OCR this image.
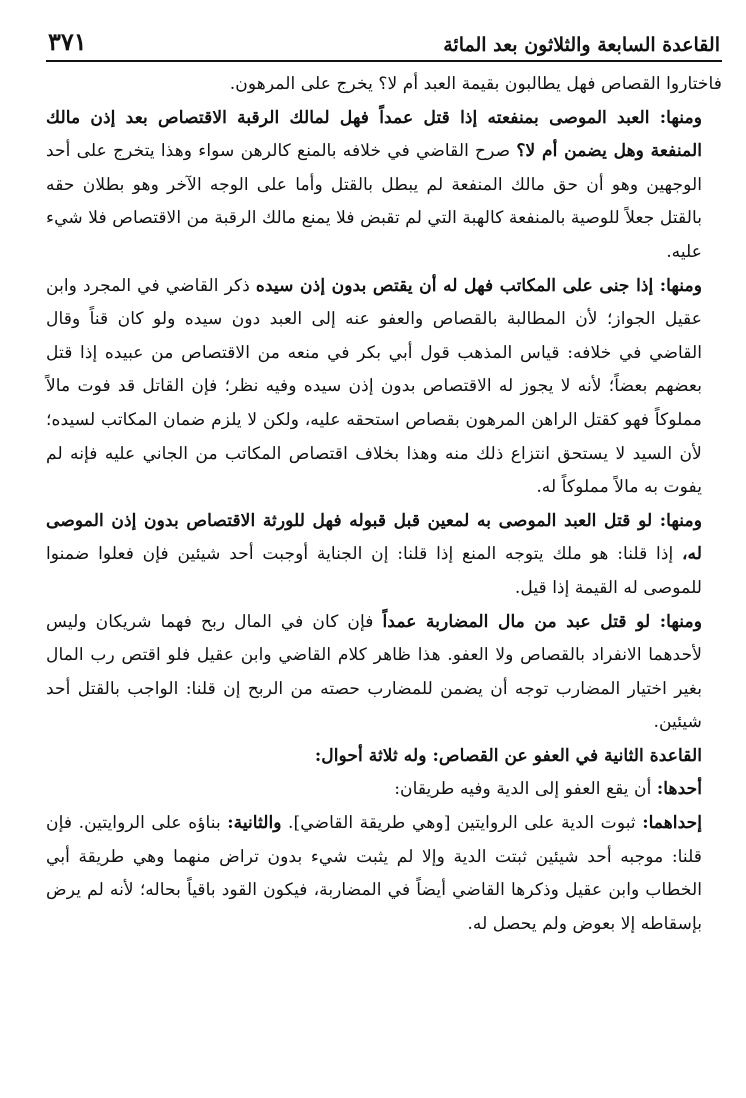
القاعدة السابعة والثلاثون بعد المائة
٣٧١

فاختاروا القصاص فهل يطالبون بقيمة العبد أم لا؟ يخرج على المرهون.

ومنها: العبد الموصى بمنفعته إذا قتل عمداً فهل لمالك الرقبة الاقتصاص بعد إذن مالك المنفعة وهل يضمن أم لا؟ صرح القاضي في خلافه بالمنع كالرهن سواء وهذا يتخرج على أحد الوجهين وهو أن حق مالك المنفعة لم يبطل بالقتل وأما على الوجه الآخر وهو بطلان حقه بالقتل جعلاً للوصية بالمنفعة كالهبة التي لم تقبض فلا يمنع مالك الرقبة من الاقتصاص فلا شيء عليه.

ومنها: إذا جنى على المكاتب فهل له أن يقتص بدون إذن سيده ذكر القاضي في المجرد وابن عقيل الجواز؛ لأن المطالبة بالقصاص والعفو عنه إلى العبد دون سيده ولو كان قناً وقال القاضي في خلافه: قياس المذهب قول أبي بكر في منعه من الاقتصاص من عبيده إذا قتل بعضهم بعضاً؛ لأنه لا يجوز له الاقتصاص بدون إذن سيده وفيه نظر؛ فإن القاتل قد فوت مالاً مملوكاً فهو كقتل الراهن المرهون بقصاص استحقه عليه، ولكن لا يلزم ضمان المكاتب لسيده؛ لأن السيد لا يستحق انتزاع ذلك منه وهذا بخلاف اقتصاص المكاتب من الجاني عليه فإنه لم يفوت به مالاً مملوكاً له.

ومنها: لو قتل العبد الموصى به لمعين قبل قبوله فهل للورثة الاقتصاص بدون إذن الموصى له، إذا قلنا: هو ملك يتوجه المنع إذا قلنا: إن الجناية أوجبت أحد شيئين فإن فعلوا ضمنوا للموصى له القيمة إذا قيل.

ومنها: لو قتل عبد من مال المضاربة عمداً فإن كان في المال ربح فهما شريكان وليس لأحدهما الانفراد بالقصاص ولا العفو. هذا ظاهر كلام القاضي وابن عقيل فلو اقتص رب المال بغير اختيار المضارب توجه أن يضمن للمضارب حصته من الربح إن قلنا: الواجب بالقتل أحد شيئين.

القاعدة الثانية في العفو عن القصاص: وله ثلاثة أحوال:

أحدها: أن يقع العفو إلى الدية وفيه طريقان:

إحداهما: ثبوت الدية على الروايتين [وهي طريقة القاضي]. والثانية: بناؤه على الروايتين. فإن قلنا: موجبه أحد شيئين ثبتت الدية وإلا لم يثبت شيء بدون تراض منهما وهي طريقة أبي الخطاب وابن عقيل وذكرها القاضي أيضاً في المضاربة، فيكون القود باقياً بحاله؛ لأنه لم يرض بإسقاطه إلا بعوض ولم يحصل له.
